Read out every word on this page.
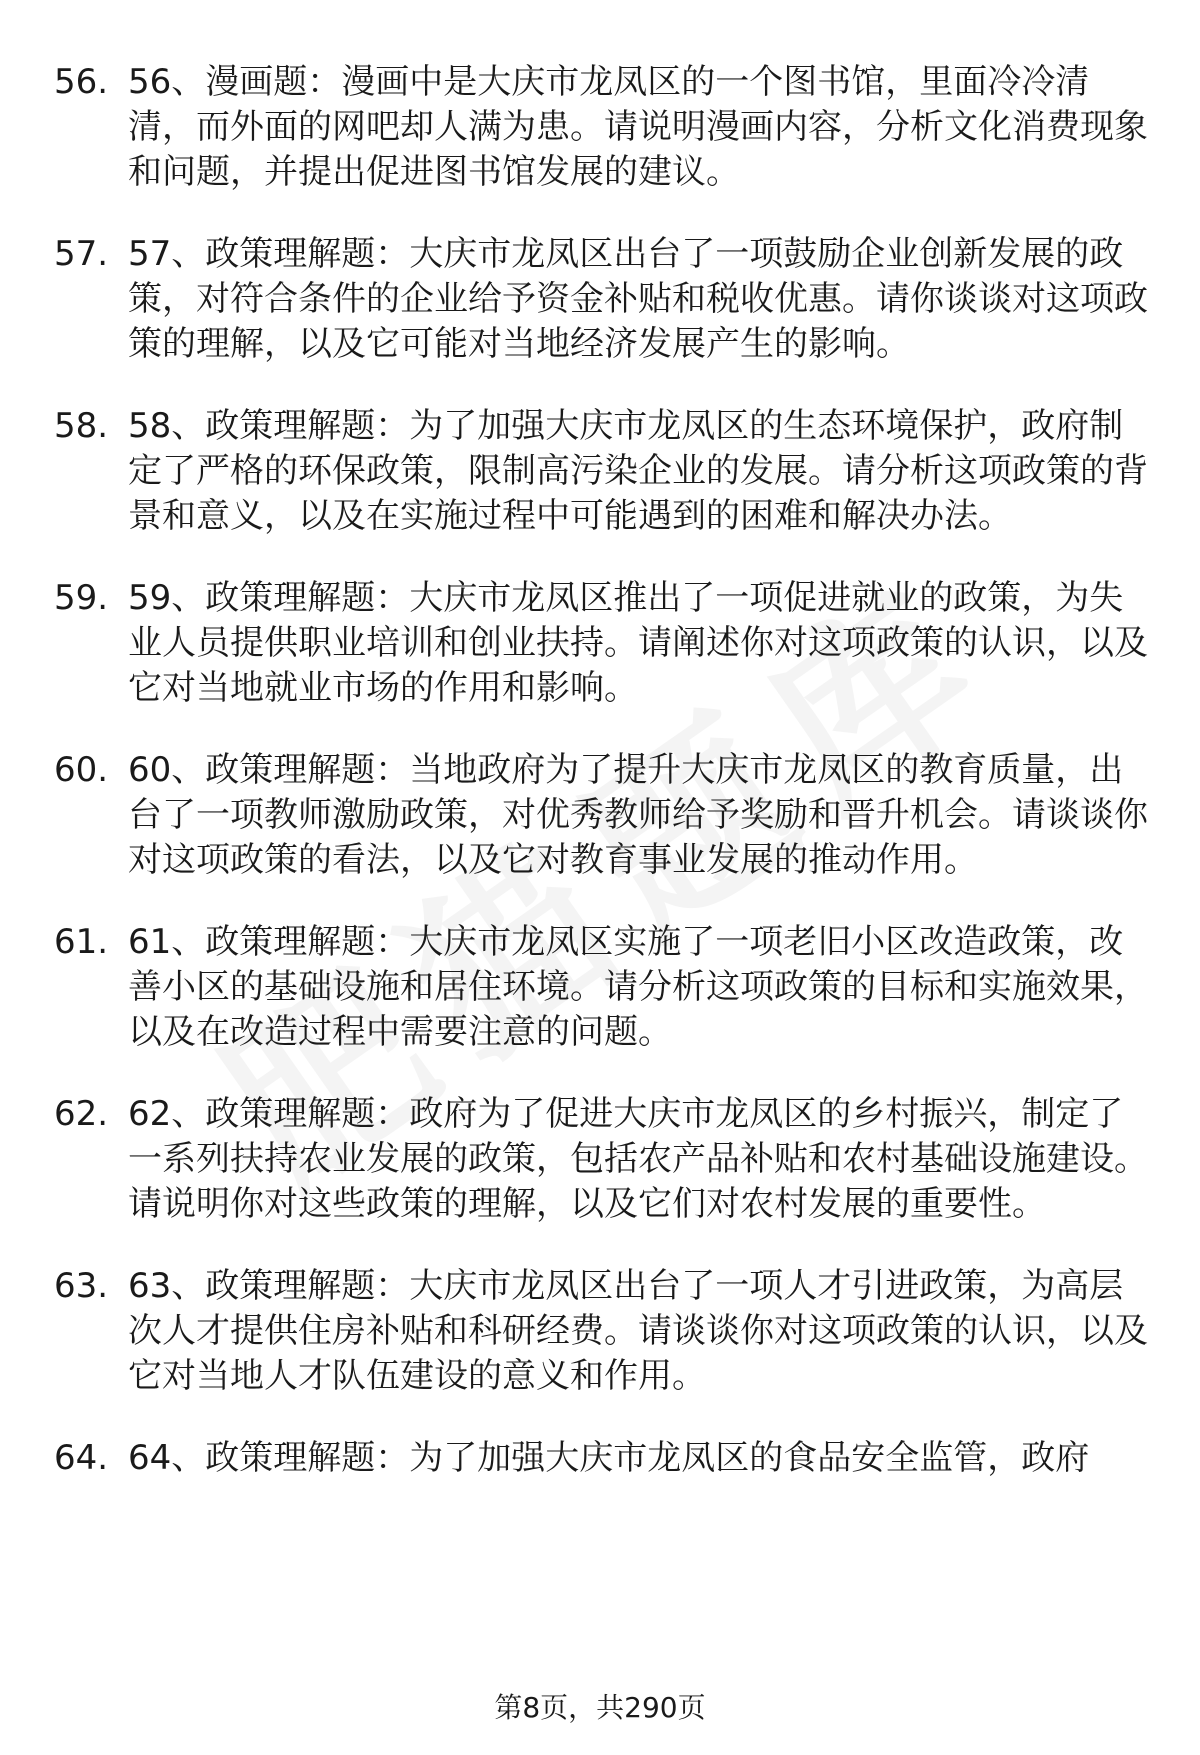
56. 56、漫画题：漫画中是大庆市龙凤区的一个图书馆，里面冷冷清清，而外面的网吧却人满为患。请说明漫画内容，分析文化消费现象和问题，并提出促进图书馆发展的建议。
57. 57、政策理解题：大庆市龙凤区出台了一项鼓励企业创新发展的政策，对符合条件的企业给予资金补贴和税收优惠。请你谈谈对这项政策的理解，以及它可能对当地经济发展产生的影响。
58. 58、政策理解题：为了加强大庆市龙凤区的生态环境保护，政府制定了严格的环保政策，限制高污染企业的发展。请分析这项政策的背景和意义，以及在实施过程中可能遇到的困难和解决办法。
59. 59、政策理解题：大庆市龙凤区推出了一项促进就业的政策，为失业人员提供职业培训和创业扶持。请阐述你对这项政策的认识，以及它对当地就业市场的作用和影响。
60. 60、政策理解题：当地政府为了提升大庆市龙凤区的教育质量，出台了一项教师激励政策，对优秀教师给予奖励和晋升机会。请谈谈你对这项政策的看法，以及它对教育事业发展的推动作用。
61. 61、政策理解题：大庆市龙凤区实施了一项老旧小区改造政策，改善小区的基础设施和居住环境。请分析这项政策的目标和实施效果，以及在改造过程中需要注意的问题。
62. 62、政策理解题：政府为了促进大庆市龙凤区的乡村振兴，制定了一系列扶持农业发展的政策，包括农产品补贴和农村基础设施建设。请说明你对这些政策的理解，以及它们对农村发展的重要性。
63. 63、政策理解题：大庆市龙凤区出台了一项人才引进政策，为高层次人才提供住房补贴和科研经费。请谈谈你对这项政策的认识，以及它对当地人才队伍建设的意义和作用。
64. 64、政策理解题：为了加强大庆市龙凤区的食品安全监管，政府
第8页，共290页
